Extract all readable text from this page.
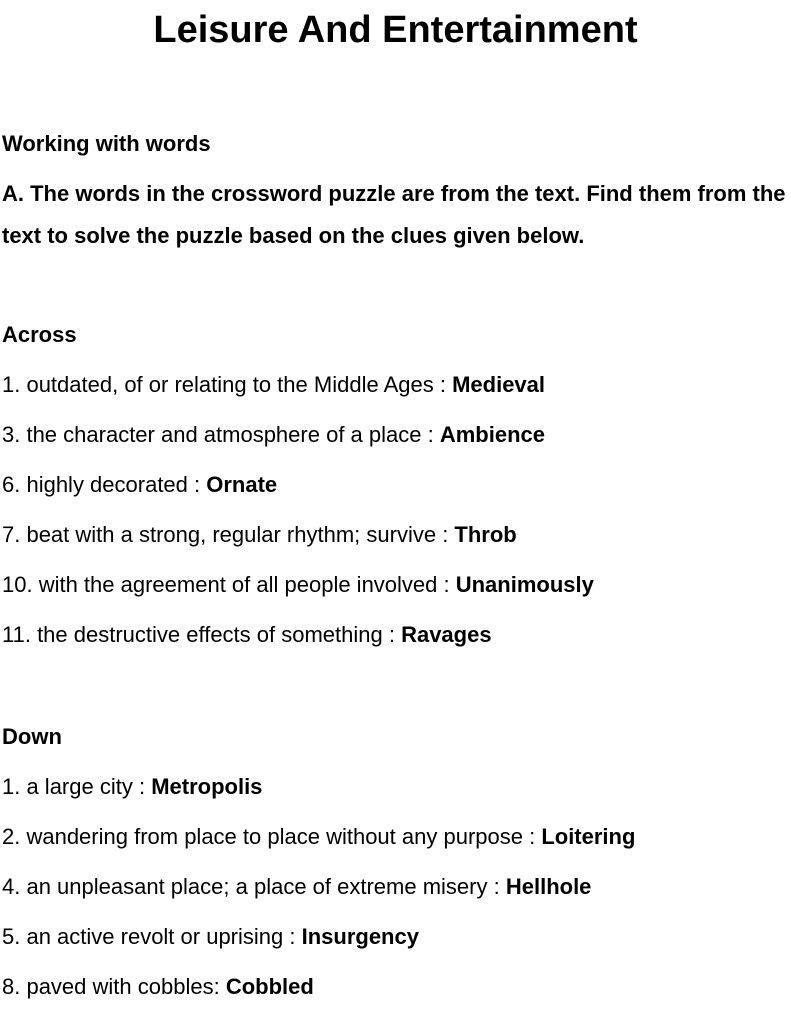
Leisure And Entertainment

Working with words

A. The words in the crossword puzzle are from the text. Find them from the text to solve the puzzle based on the clues given below.

Across

1. outdated, of or relating to the Middle Ages : Medieval

3. the character and atmosphere of a place : Ambience

6. highly decorated : Ornate

7. beat with a strong, regular rhythm; survive : Throb

10. with the agreement of all people involved : Unanimously

11. the destructive effects of something : Ravages

Down

1. a large city : Metropolis

2. wandering from place to place without any purpose : Loitering

4. an unpleasant place; a place of extreme misery : Hellhole

5. an active revolt or uprising : Insurgency

8. paved with cobbles: Cobbled
